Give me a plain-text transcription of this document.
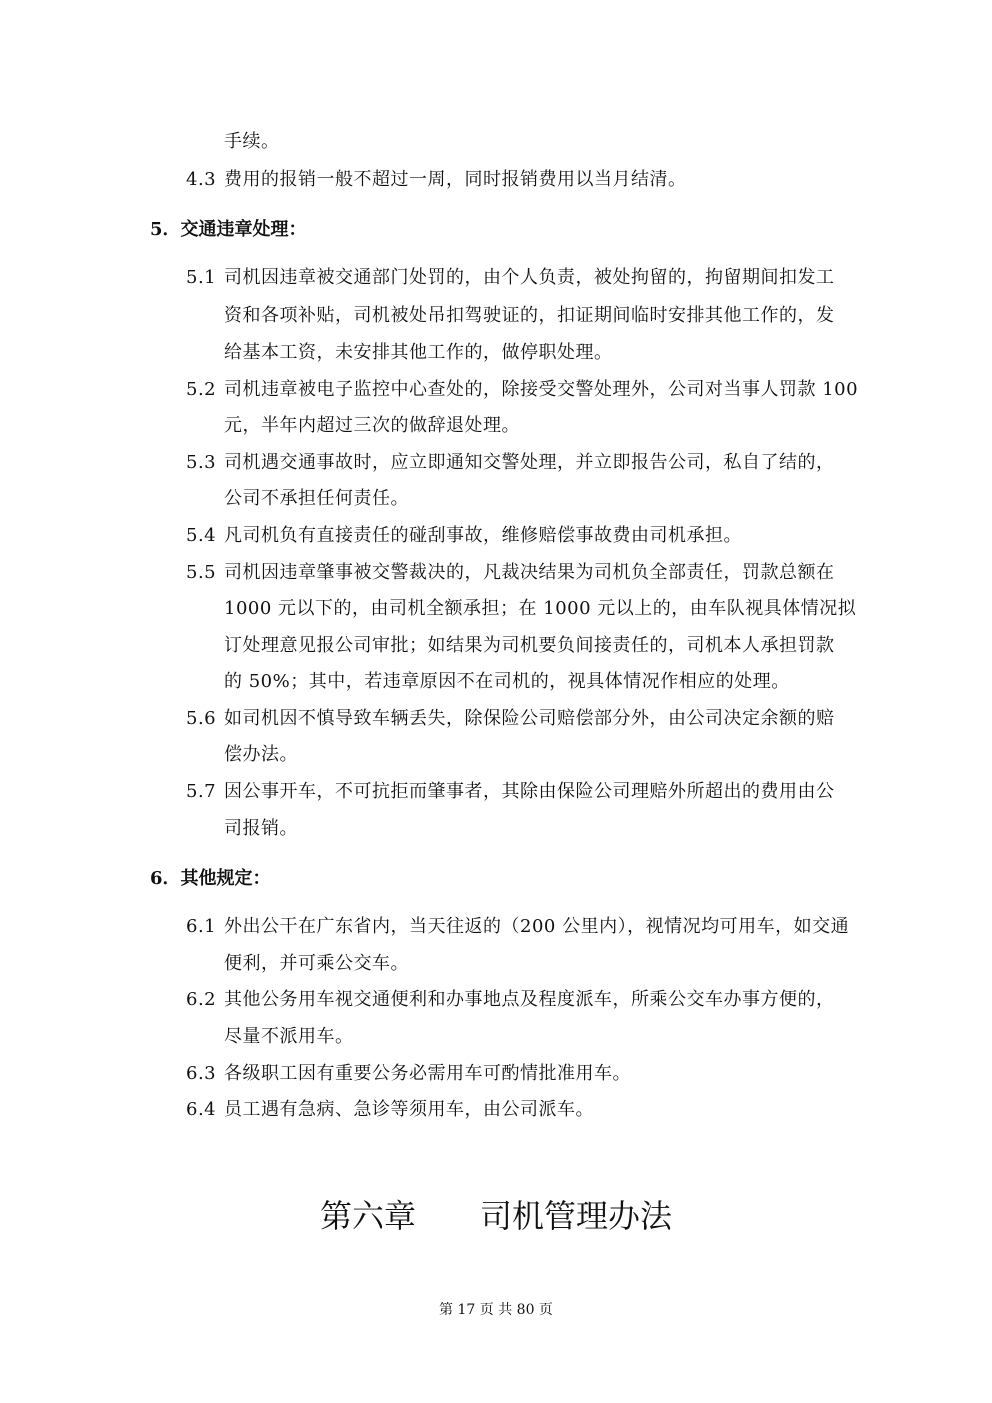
手续。
4.3 费用的报销一般不超过一周，同时报销费用以当月结清。
5．交通违章处理：
5.1 司机因违章被交通部门处罚的，由个人负责，被处拘留的，拘留期间扣发工
资和各项补贴，司机被处吊扣驾驶证的，扣证期间临时安排其他工作的，发
给基本工资，未安排其他工作的，做停职处理。
5.2 司机违章被电子监控中心查处的，除接受交警处理外，公司对当事人罚款 100
元，半年内超过三次的做辞退处理。
5.3 司机遇交通事故时，应立即通知交警处理，并立即报告公司，私自了结的，
公司不承担任何责任。
5.4 凡司机负有直接责任的碰刮事故，维修赔偿事故费由司机承担。
5.5 司机因违章肇事被交警裁决的，凡裁决结果为司机负全部责任，罚款总额在
1000 元以下的，由司机全额承担；在 1000 元以上的，由车队视具体情况拟
订处理意见报公司审批；如结果为司机要负间接责任的，司机本人承担罚款
的 50%；其中，若违章原因不在司机的，视具体情况作相应的处理。
5.6 如司机因不慎导致车辆丢失，除保险公司赔偿部分外，由公司决定余额的赔
偿办法。
5.7 因公事开车，不可抗拒而肇事者，其除由保险公司理赔外所超出的费用由公
司报销。
6．其他规定：
6.1 外出公干在广东省内，当天往返的（200 公里内），视情况均可用车，如交通
便利，并可乘公交车。
6.2 其他公务用车视交通便利和办事地点及程度派车，所乘公交车办事方便的，
尽量不派用车。
6.3 各级职工因有重要公务必需用车可酌情批准用车。
6.4 员工遇有急病、急诊等须用车，由公司派车。
第六章　　司机管理办法
第 17 页 共 80 页
